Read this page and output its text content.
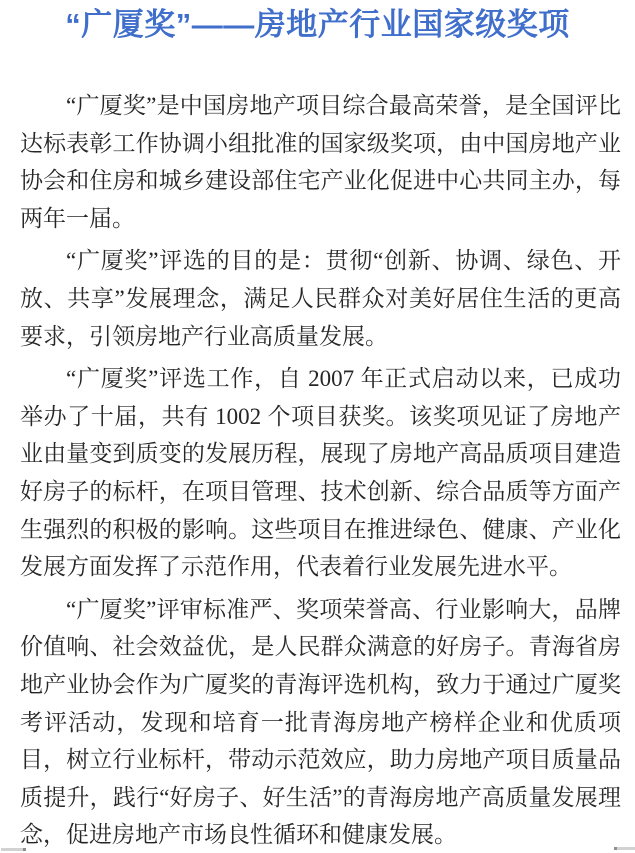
“广厦奖”——房地产行业国家级奖项

“广厦奖”是中国房地产项目综合最高荣誉，是全国评比达标表彰工作协调小组批准的国家级奖项，由中国房地产业协会和住房和城乡建设部住宅产业化促进中心共同主办，每两年一届。

“广厦奖”评选的目的是：贯彻“创新、协调、绿色、开放、共享”发展理念，满足人民群众对美好居住生活的更高要求，引领房地产行业高质量发展。

“广厦奖”评选工作，自 2007 年正式启动以来，已成功举办了十届，共有 1002 个项目获奖。该奖项见证了房地产业由量变到质变的发展历程，展现了房地产高品质项目建造好房子的标杆，在项目管理、技术创新、综合品质等方面产生强烈的积极的影响。这些项目在推进绿色、健康、产业化发展方面发挥了示范作用，代表着行业发展先进水平。

“广厦奖”评审标准严、奖项荣誉高、行业影响大，品牌价值响、社会效益优，是人民群众满意的好房子。青海省房地产业协会作为广厦奖的青海评选机构，致力于通过广厦奖考评活动，发现和培育一批青海房地产榜样企业和优质项目，树立行业标杆，带动示范效应，助力房地产项目质量品质提升，践行“好房子、好生活”的青海房地产高质量发展理念，促进房地产市场良性循环和健康发展。
